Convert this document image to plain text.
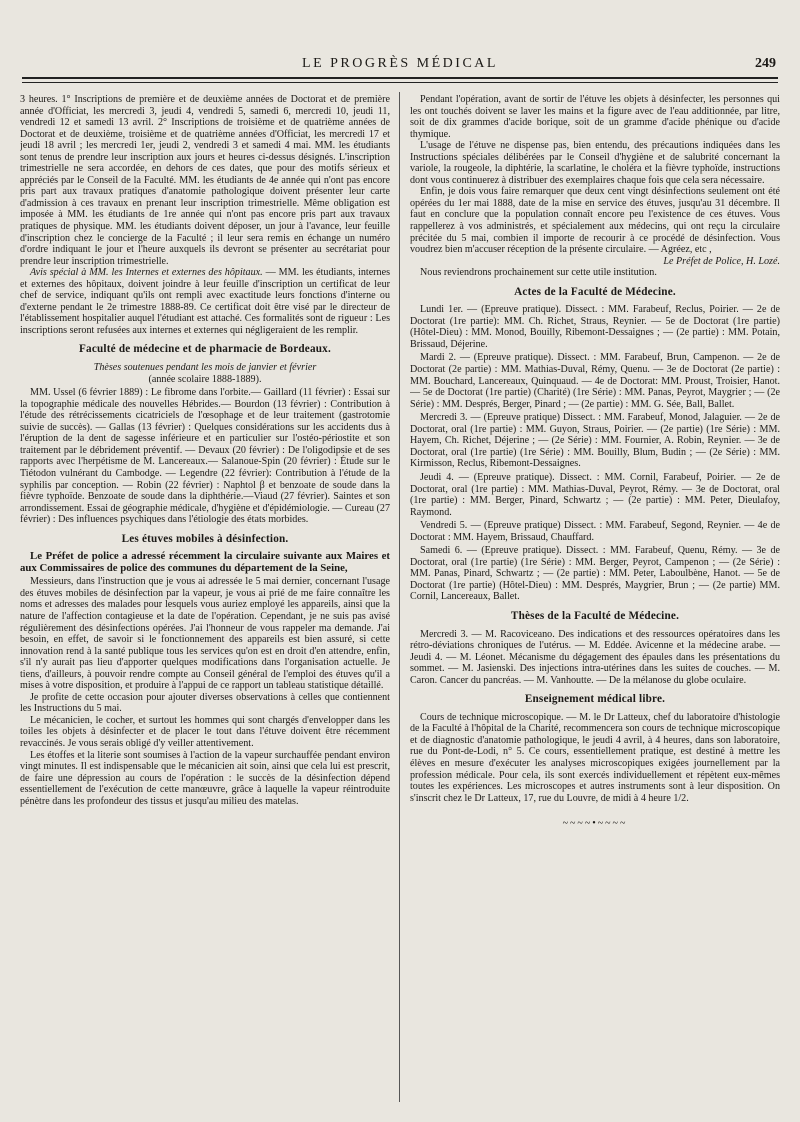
LE PROGRÈS MÉDICAL	249

3 heures. 1° Inscriptions de première et de deuxième années de Doctorat et de première année d'Officiat, les mercredi 3, jeudi 4, vendredi 5, samedi 6, mercredi 10, jeudi 11, vendredi 12 et samedi 13 avril. 2° Inscriptions de troisième et de quatrième années de Doctorat et de deuxième, troisième et de quatrième années d'Officiat, les mercredi 17 et jeudi 18 avril ; les mercredi 1er, jeudi 2, vendredi 3 et samedi 4 mai. MM. les étudiants sont tenus de prendre leur inscription aux jours et heures ci-dessus désignés. L'inscription trimestrielle ne sera accordée, en dehors de ces dates, que pour des motifs sérieux et appréciés par le Conseil de la Faculté. MM. les étudiants de 4e année qui n'ont pas encore pris part aux travaux pratiques d'anatomie pathologique doivent présenter leur carte d'admission à ces travaux en prenant leur inscription trimestrielle. Même obligation est imposée à MM. les étudiants de 1re année qui n'ont pas encore pris part aux travaux pratiques de physique. MM. les étudiants doivent déposer, un jour à l'avance, leur feuille d'inscription chez le concierge de la Faculté ; il leur sera remis en échange un numéro d'ordre indiquant le jour et l'heure auxquels ils devront se présenter au secrétariat pour prendre leur inscription trimestrielle.

Avis spécial à MM. les Internes et externes des hôpitaux. — MM. les étudiants, internes et externes des hôpitaux, doivent joindre à leur feuille d'inscription un certificat de leur chef de service, indiquant qu'ils ont rempli avec exactitude leurs fonctions d'interne ou d'externe pendant le 2e trimestre 1888-89. Ce certificat doit être visé par le directeur de l'établissement hospitalier auquel l'étudiant est attaché. Ces formalités sont de rigueur : Les inscriptions seront refusées aux internes et externes qui négligeraient de les remplir.

Faculté de médecine et de pharmacie de Bordeaux.

Thèses soutenues pendant les mois de janvier et février

(année scolaire 1888-1889).

MM. Ussel (6 février 1889) : Le fibrome dans l'orbite.— Gaillard (11 février) : Essai sur la topographie médicale des nouvelles Hébrides.— Bourdon (13 février) : Contribution à l'étude des rétrécissements cicatriciels de l'œsophage et de leur traitement (gastrotomie suivie de succès). — Gallas (13 février) : Quelques considérations sur les accidents dus à l'éruption de la dent de sagesse inférieure et en particulier sur l'ostéo-périostite et son traitement par le débridement préventif. — Devaux (20 février) : De l'oligodipsie et de ses rapports avec l'herpétisme de M. Lancereaux.— Salanoue-Spin (20 février) : Étude sur le Tiétodon vulnérant du Cambodge. — Legendre (22 février): Contribution à l'étude de la syphilis par conception. — Robin (22 février) : Naphtol β et benzoate de soude dans la fièvre typhoïde. Benzoate de soude dans la diphthérie.—Viaud (27 février). Saintes et son arrondissement. Essai de géographie médicale, d'hygiène et d'épidémiologie. — Cureau (27 février) : Des influences psychiques dans l'étiologie des états morbides.

Les étuves mobiles à désinfection.

Le Préfet de police a adressé récemment la circulaire suivante aux Maires et aux Commissaires de police des communes du département de la Seine,

Messieurs, dans l'instruction que je vous ai adressée le 5 mai dernier, concernant l'usage des étuves mobiles de désinfection par la vapeur, je vous ai prié de me faire connaître les noms et adresses des malades pour lesquels vous auriez employé les appareils, ainsi que la nature de l'affection contagieuse et la date de l'opération. Cependant, je ne suis pas avisé régulièrement des désinfections opérées. J'ai l'honneur de vous rappeler ma demande. J'ai besoin, en effet, de savoir si le fonctionnement des appareils est bien assuré, si cette innovation rend à la santé publique tous les services qu'on est en droit d'en attendre, enfin, s'il n'y aurait pas lieu d'apporter quelques modifications dans l'organisation actuelle. Je tiens, d'ailleurs, à pouvoir rendre compte au Conseil général de l'emploi des étuves qu'il a mises à votre disposition, et produire à l'appui de ce rapport un tableau statistique détaillé.

Je profite de cette occasion pour ajouter diverses observations à celles que contiennent les Instructions du 5 mai.

Le mécanicien, le cocher, et surtout les hommes qui sont chargés d'envelopper dans les toiles les objets à désinfecter et de placer le tout dans l'étuve doivent être récemment revaccinés. Je vous serais obligé d'y veiller attentivement.

Les étoffes et la literie sont soumises à l'action de la vapeur surchauffée pendant environ vingt minutes. Il est indispensable que le mécanicien ait soin, ainsi que cela lui est prescrit, de faire une dépression au cours de l'opération : le succès de la désinfection dépend essentiellement de l'exécution de cette manœuvre, grâce à laquelle la vapeur réintroduite pénètre dans les profondeur des tissus et jusqu'au milieu des matelas.

Pendant l'opération, avant de sortir de l'étuve les objets à désinfecter, les personnes qui les ont touchés doivent se laver les mains et la figure avec de l'eau additionnée, par litre, soit de dix grammes d'acide borique, soit de un gramme d'acide phénique ou d'acide thymique.

L'usage de l'étuve ne dispense pas, bien entendu, des précautions indiquées dans les Instructions spéciales délibérées par le Conseil d'hygiène et de salubrité concernant la variole, la rougeole, la diphtérie, la scarlatine, le choléra et la fièvre typhoïde, instructions dont vous continuerez à distribuer des exemplaires chaque fois que cela sera nécessaire.

Enfin, je dois vous faire remarquer que deux cent vingt désinfections seulement ont été opérées du 1er mai 1888, date de la mise en service des étuves, jusqu'au 31 décembre. Il faut en conclure que la population connaît encore peu l'existence de ces étuves. Vous rappellerez à vos administrés, et spécialement aux médecins, qui ont reçu la circulaire précitée du 5 mai, combien il importe de recourir à ce procédé de désinfection. Vous voudrez bien m'accuser réception de la présente circulaire. — Agréez, etc ,

Le Préfet de Police, H. Lozé.

Nous reviendrons prochainement sur cette utile institution.

Actes de la Faculté de Médecine.

Lundi 1er. — (Epreuve pratique). Dissect. : MM. Farabeuf, Reclus, Poirier. — 2e de Doctorat (1re partie): MM. Ch. Richet, Straus, Reynier. — 5e de Doctorat (1re partie) (Hôtel-Dieu) : MM. Monod, Bouilly, Ribemont-Dessaignes ; — (2e partie) : MM. Potain, Brissaud, Déjerine.

Mardi 2. — (Epreuve pratique). Dissect. : MM. Farabeuf, Brun, Campenon. — 2e de Doctorat (2e partie) : MM. Mathias-Duval, Rémy, Quenu. — 3e de Doctorat (2e partie) : MM. Bouchard, Lancereaux, Quinquaud. — 4e de Doctorat: MM. Proust, Troisier, Hanot. — 5e de Doctorat (1re partie) (Charité) (1re Série) : MM. Panas, Peyrot, Maygrier ; — (2e Série) : MM. Després, Berger, Pinard ; — (2e partie) : MM. G. Sée, Ball, Ballet.

Mercredi 3. — (Epreuve pratique) Dissect. : MM. Farabeuf, Monod, Jalaguier. — 2e de Doctorat, oral (1re partie) : MM. Guyon, Straus, Poirier. — (2e partie) (1re Série) : MM. Hayem, Ch. Richet, Déjerine ; — (2e Série) : MM. Fournier, A. Robin, Reynier. — 3e de Doctorat, oral (1re partie) (1re Série) : MM. Bouilly, Blum, Budin ; — (2e Série) : MM. Kirmisson, Reclus, Ribemont-Dessaignes.

Jeudi 4. — (Epreuve pratique). Dissect. : MM. Cornil, Farabeuf, Poirier. — 2e de Doctorat, oral (1re partie) : MM. Mathias-Duval, Peyrot, Rémy. — 3e de Doctorat, oral (1re partie) : MM. Berger, Pinard, Schwartz ; — (2e partie) : MM. Peter, Dieulafoy, Raymond.

Vendredi 5. — (Epreuve pratique) Dissect. : MM. Farabeuf, Segond, Reynier. — 4e de Doctorat : MM. Hayem, Brissaud, Chauffard.

Samedi 6. — (Epreuve pratique). Dissect. : MM. Farabeuf, Quenu, Rémy. — 3e de Doctorat, oral (1re partie) (1re Série) : MM. Berger, Peyrot, Campenon ; — (2e Série) : MM. Panas, Pinard, Schwartz ; — (2e partie) : MM. Peter, Laboulbène, Hanot. — 5e de Doctorat (1re partie) (Hôtel-Dieu) : MM. Després, Maygrier, Brun ; — (2e partie) MM. Cornil, Lancereaux, Ballet.

Thèses de la Faculté de Médecine.

Mercredi 3. — M. Racoviceano. Des indications et des ressources opératoires dans les rétro-déviations chroniques de l'utérus. — M. Eddée. Avicenne et la médecine arabe. — Jeudi 4. — M. Léonet. Mécanisme du dégagement des épaules dans les présentations du sommet. — M. Jasienski. Des injections intra-utérines dans les suites de couches. — M. Caron. Cancer du pancréas. — M. Vanhoutte. — De la mélanose du globe oculaire.

Enseignement médical libre.

Cours de technique microscopique. — M. le Dr Latteux, chef du laboratoire d'histologie de la Faculté à l'hôpital de la Charité, recommencera son cours de technique microscopique et de diagnostic d'anatomie pathologique, le jeudi 4 avril, à 4 heures, dans son laboratoire, rue du Pont-de-Lodi, n° 5. Ce cours, essentiellement pratique, est destiné à mettre les élèves en mesure d'exécuter les analyses microscopiques exigées journellement par la profession médicale. Pour cela, ils sont exercés individuellement et répètent eux-mêmes toutes les expériences. Les microscopes et autres instruments sont à leur disposition. On s'inscrit chez le Dr Latteux, 17, rue du Louvre, de midi à 4 heure 1/2.

~~~~•~~~~
